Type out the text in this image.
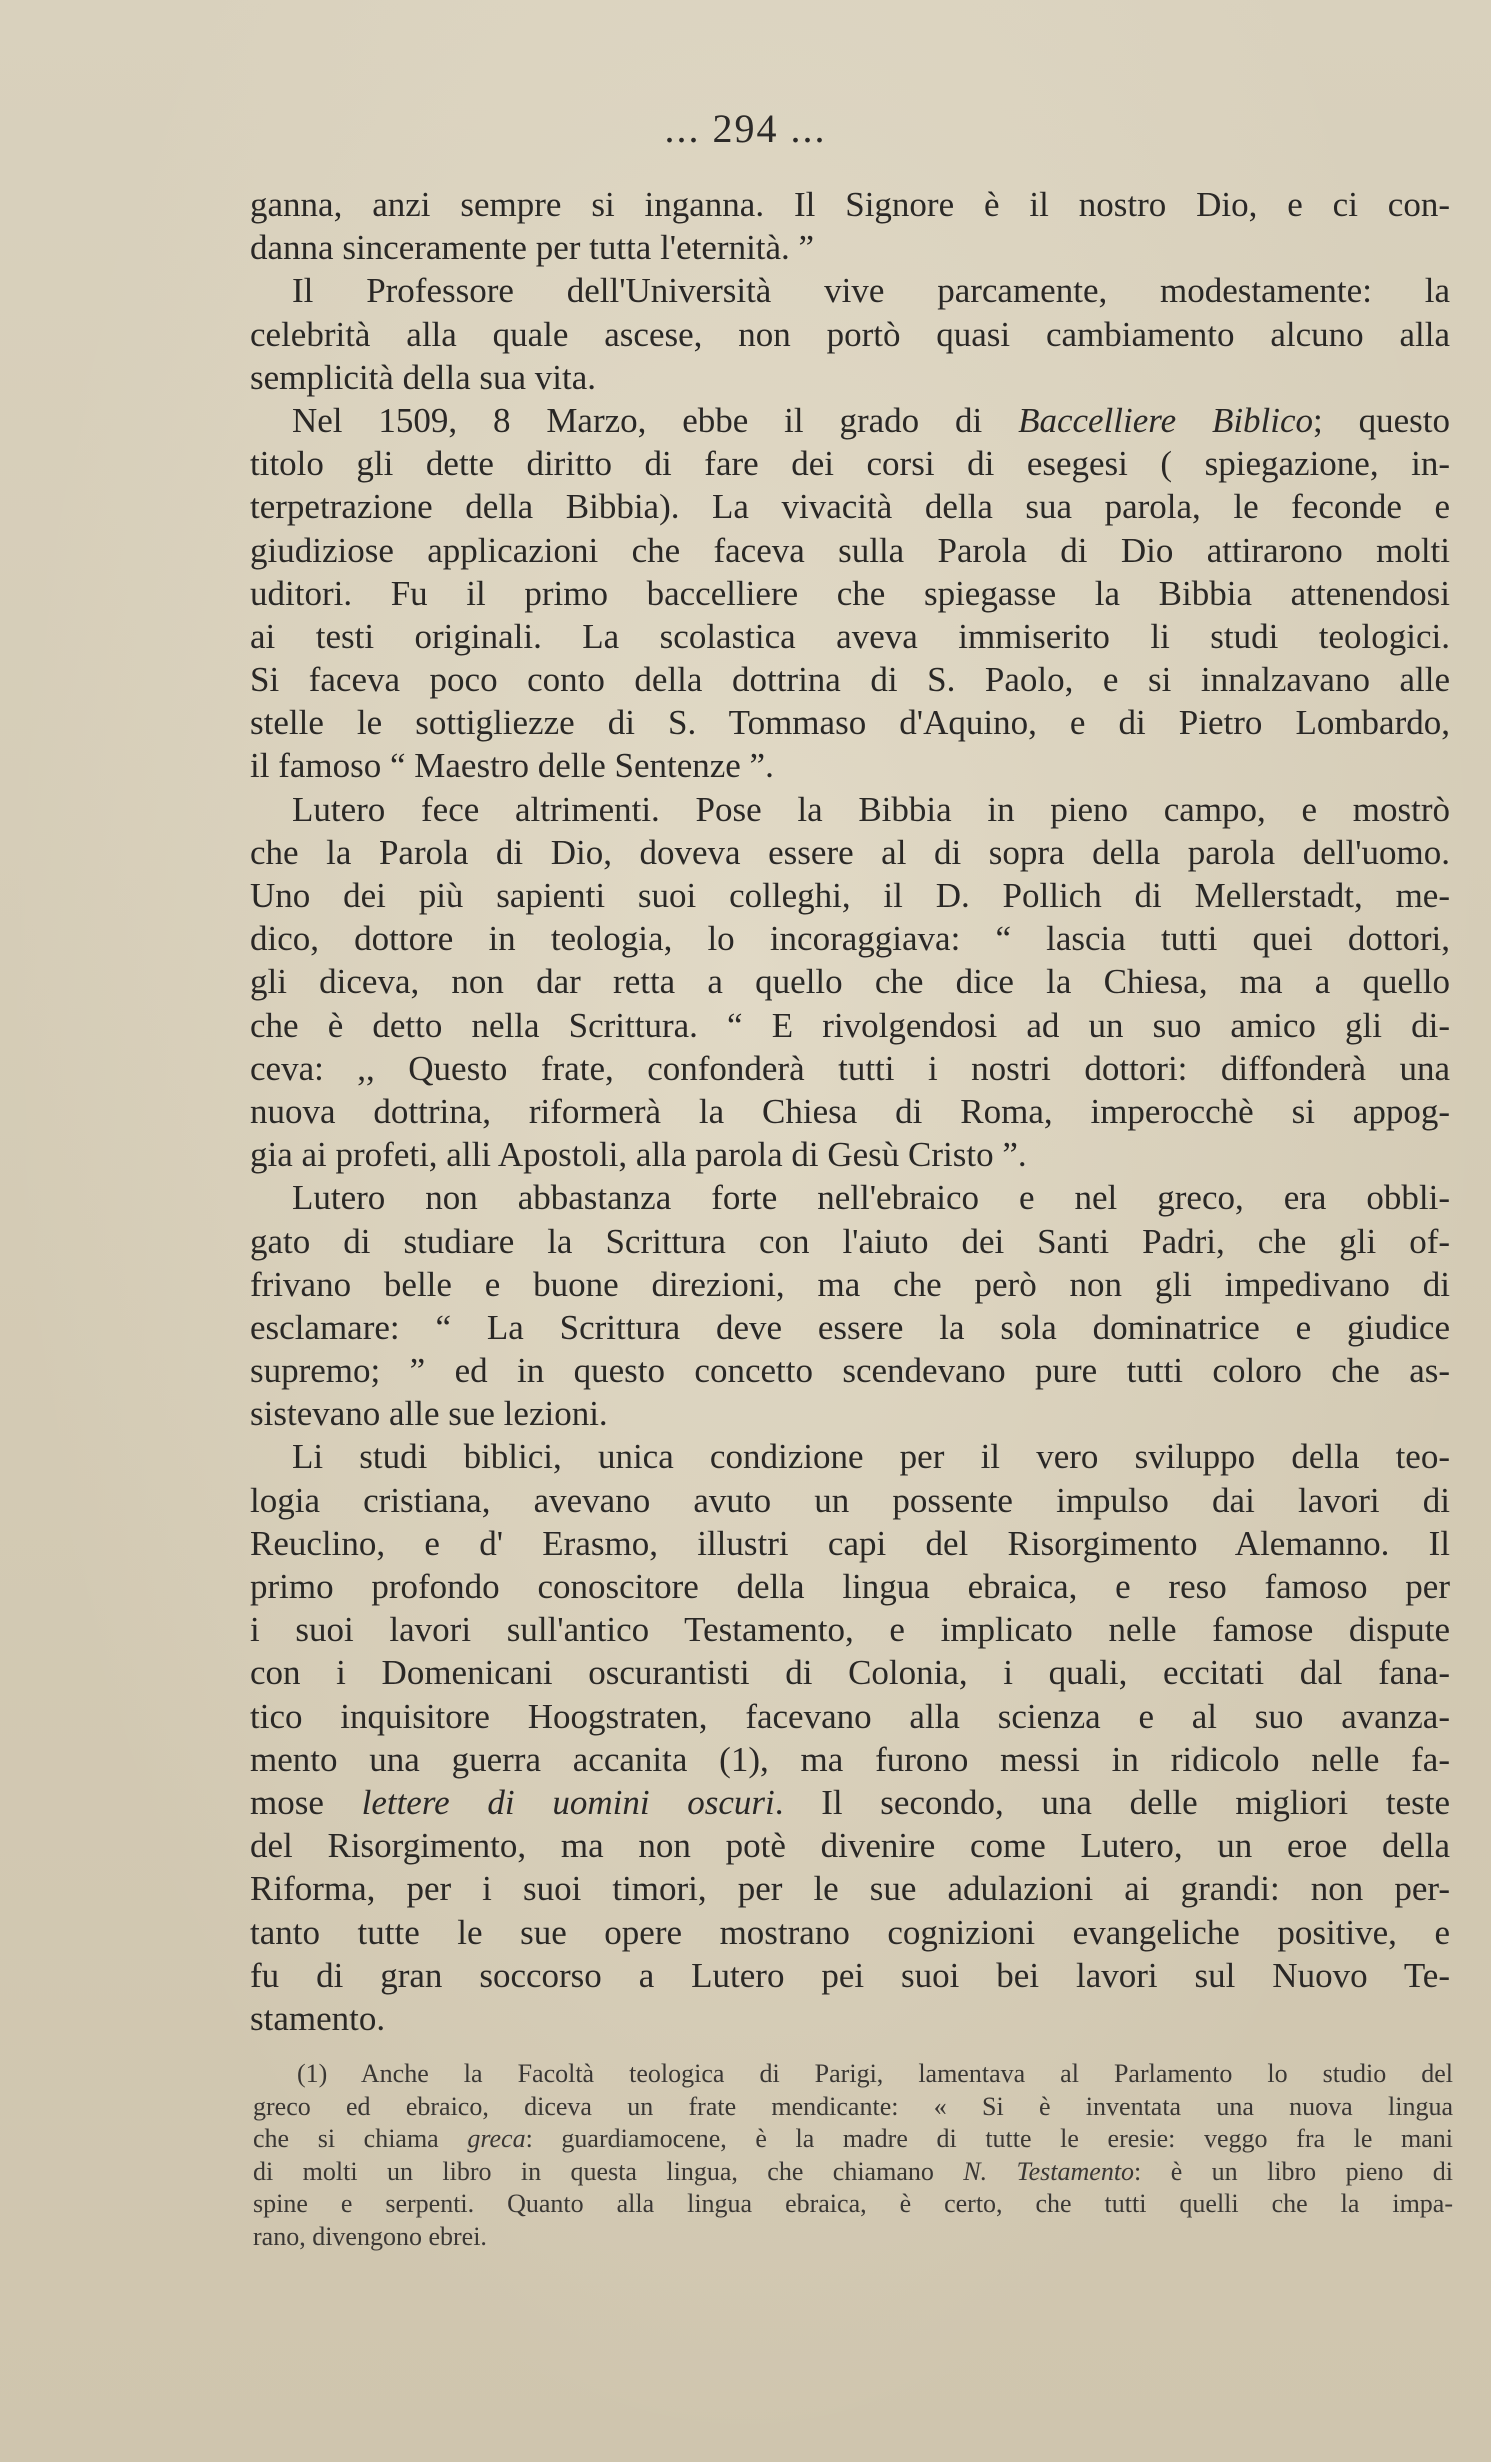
... 294 ...
ganna, anzi sempre si inganna. Il Signore è il nostro Dio, e ci con-
danna sinceramente per tutta l'eternità. ”
Il Professore dell'Università vive parcamente, modestamente: la
celebrità alla quale ascese, non portò quasi cambiamento alcuno alla
semplicità della sua vita.
Nel 1509, 8 Marzo, ebbe il grado di Baccelliere Biblico; questo
titolo gli dette diritto di fare dei corsi di esegesi ( spiegazione, in-
terpetrazione della Bibbia). La vivacità della sua parola, le feconde e
giudiziose applicazioni che faceva sulla Parola di Dio attirarono molti
uditori. Fu il primo baccelliere che spiegasse la Bibbia attenendosi
ai testi originali. La scolastica aveva immiserito li studi teologici.
Si faceva poco conto della dottrina di S. Paolo, e si innalzavano alle
stelle le sottigliezze di S. Tommaso d'Aquino, e di Pietro Lombardo,
il famoso “ Maestro delle Sentenze ”.
Lutero fece altrimenti. Pose la Bibbia in pieno campo, e mostrò
che la Parola di Dio, doveva essere al di sopra della parola dell'uomo.
Uno dei più sapienti suoi colleghi, il D. Pollich di Mellerstadt, me-
dico, dottore in teologia, lo incoraggiava: “ lascia tutti quei dottori,
gli diceva, non dar retta a quello che dice la Chiesa, ma a quello
che è detto nella Scrittura. “ E rivolgendosi ad un suo amico gli di-
ceva: ,, Questo frate, confonderà tutti i nostri dottori: diffonderà una
nuova dottrina, riformerà la Chiesa di Roma, imperocchè si appog-
gia ai profeti, alli Apostoli, alla parola di Gesù Cristo ”.
Lutero non abbastanza forte nell'ebraico e nel greco, era obbli-
gato di studiare la Scrittura con l'aiuto dei Santi Padri, che gli of-
frivano belle e buone direzioni, ma che però non gli impedivano di
esclamare: “ La Scrittura deve essere la sola dominatrice e giudice
supremo; ” ed in questo concetto scendevano pure tutti coloro che as-
sistevano alle sue lezioni.
Li studi biblici, unica condizione per il vero sviluppo della teo-
logia cristiana, avevano avuto un possente impulso dai lavori di
Reuclino, e d' Erasmo, illustri capi del Risorgimento Alemanno. Il
primo profondo conoscitore della lingua ebraica, e reso famoso per
i suoi lavori sull'antico Testamento, e implicato nelle famose dispute
con i Domenicani oscurantisti di Colonia, i quali, eccitati dal fana-
tico inquisitore Hoogstraten, facevano alla scienza e al suo avanza-
mento una guerra accanita (1), ma furono messi in ridicolo nelle fa-
mose lettere di uomini oscuri. Il secondo, una delle migliori teste
del Risorgimento, ma non potè divenire come Lutero, un eroe della
Riforma, per i suoi timori, per le sue adulazioni ai grandi: non per-
tanto tutte le sue opere mostrano cognizioni evangeliche positive, e
fu di gran soccorso a Lutero pei suoi bei lavori sul Nuovo Te-
stamento.
(1) Anche la Facoltà teologica di Parigi, lamentava al Parlamento lo studio del
greco ed ebraico, diceva un frate mendicante: « Si è inventata una nuova lingua
che si chiama greca: guardiamocene, è la madre di tutte le eresie: veggo fra le mani
di molti un libro in questa lingua, che chiamano N. Testamento: è un libro pieno di
spine e serpenti. Quanto alla lingua ebraica, è certo, che tutti quelli che la impa-
rano, divengono ebrei.
